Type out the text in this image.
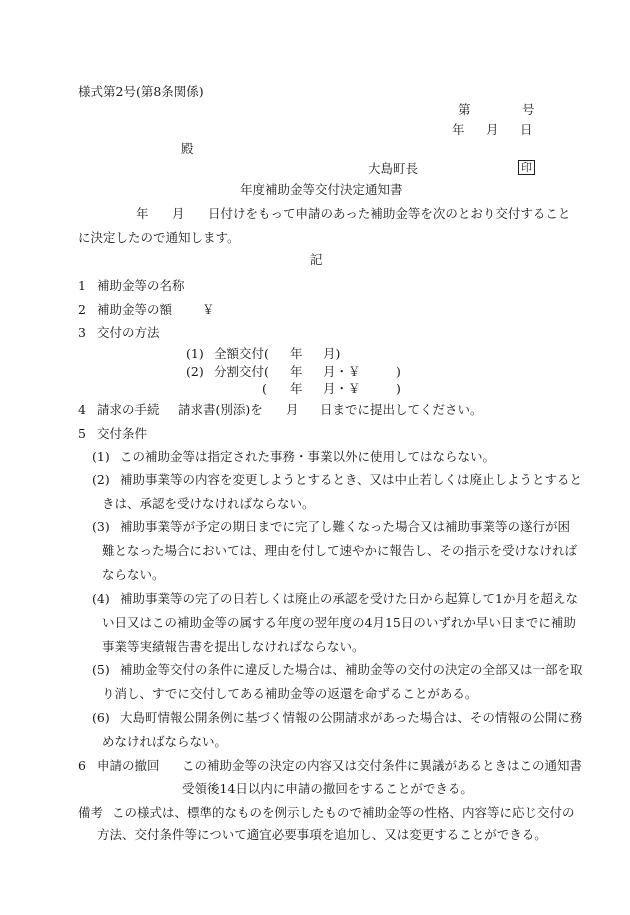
様式第2号(第8条関係)
第	号
年 月 日
殿
大島町長	印
年度補助金等交付決定通知書
年 月 日付けをもって申請のあった補助金等を次のとおり交付すること
に決定したので通知します。
記
1 補助金等の名称
2 補助金等の額 ￥
3 交付の方法
(1) 全額交付( 年 月)
(2) 分割交付( 年 月・￥	)
( 年 月・￥	)
4 請求の手続 請求書(別添)を 月 日までに提出してください。
5 交付条件
(1) この補助金等は指定された事務・事業以外に使用してはならない。
(2) 補助事業等の内容を変更しようとするとき、又は中止若しくは廃止しようとすると
きは、承認を受けなければならない。
(3) 補助事業等が予定の期日までに完了し難くなった場合又は補助事業等の遂行が困
難となった場合においては、理由を付して速やかに報告し、その指示を受けなければ
ならない。
(4) 補助事業等の完了の日若しくは廃止の承認を受けた日から起算して1か月を超えな
い日又はこの補助金等の属する年度の翌年度の4月15日のいずれか早い日までに補助
事業等実績報告書を提出しなければならない。
(5) 補助金等交付の条件に違反した場合は、補助金等の交付の決定の全部又は一部を取
り消し、すでに交付してある補助金等の返還を命ずることがある。
(6) 大島町情報公開条例に基づく情報の公開請求があった場合は、その情報の公開に務
めなければならない。
6 申請の撤回 この補助金等の決定の内容又は交付条件に異議があるときはこの通知書
受領後14日以内に申請の撤回をすることができる。
備考 この様式は、標準的なものを例示したもので補助金等の性格、内容等に応じ交付の
方法、交付条件等について適宜必要事項を追加し、又は変更することができる。
